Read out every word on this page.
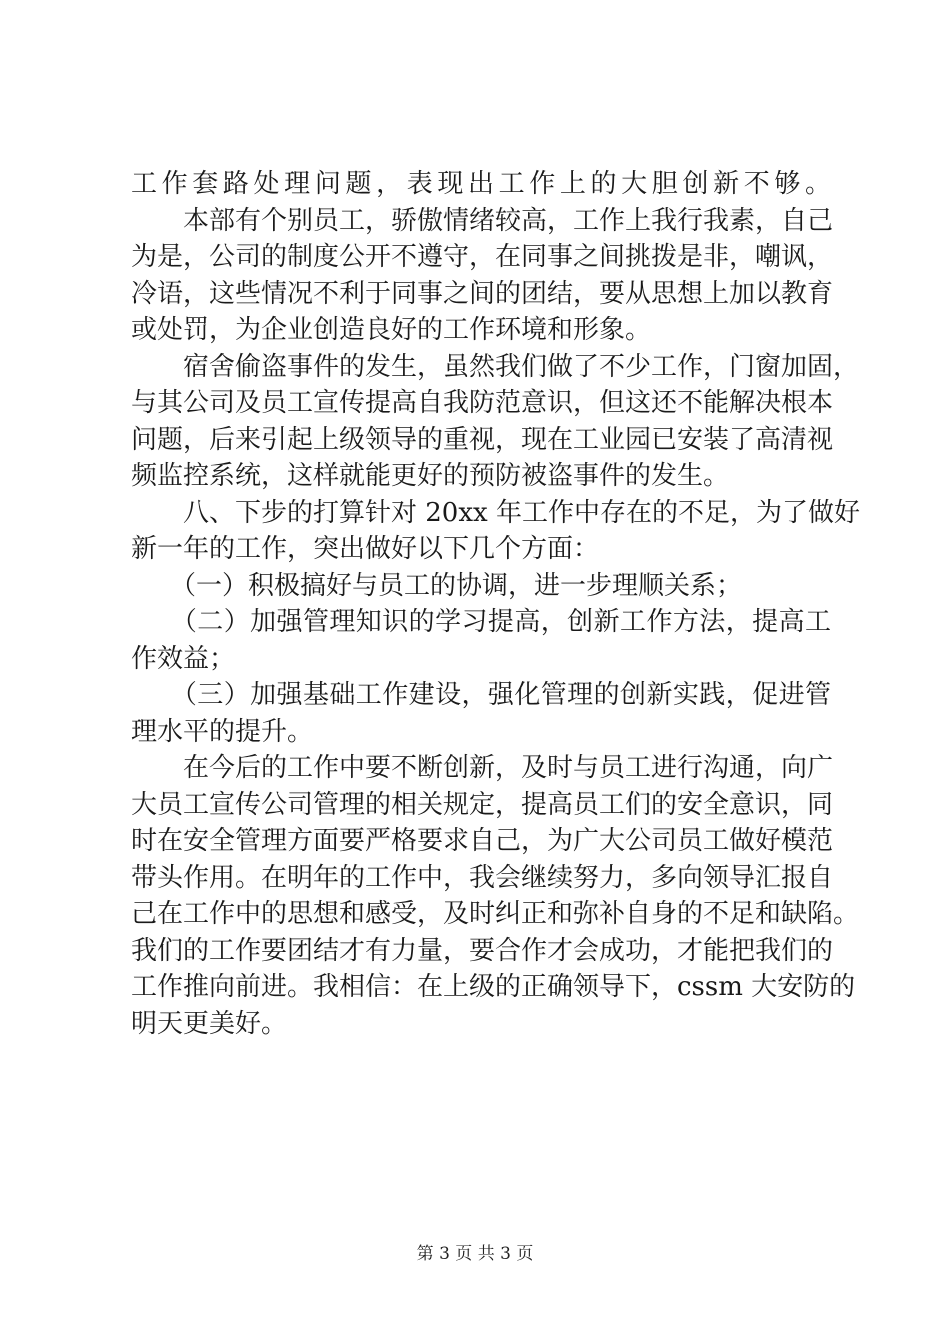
工作套路处理问题，表现出工作上的大胆创新不够。
　　本部有个别员工，骄傲情绪较高，工作上我行我素，自己
为是，公司的制度公开不遵守，在同事之间挑拨是非，嘲讽，
冷语，这些情况不利于同事之间的团结，要从思想上加以教育
或处罚，为企业创造良好的工作环境和形象。
　　宿舍偷盗事件的发生，虽然我们做了不少工作，门窗加固，
与其公司及员工宣传提高自我防范意识，但这还不能解决根本
问题，后来引起上级领导的重视，现在工业园已安装了高清视
频监控系统，这样就能更好的预防被盗事件的发生。
　　八、下步的打算针对 20xx 年工作中存在的不足，为了做好
新一年的工作，突出做好以下几个方面：
　　（一）积极搞好与员工的协调，进一步理顺关系；
　　（二）加强管理知识的学习提高，创新工作方法，提高工
作效益；
　　（三）加强基础工作建设，强化管理的创新实践，促进管
理水平的提升。
　　在今后的工作中要不断创新，及时与员工进行沟通，向广
大员工宣传公司管理的相关规定，提高员工们的安全意识，同
时在安全管理方面要严格要求自己，为广大公司员工做好模范
带头作用。在明年的工作中，我会继续努力，多向领导汇报自
己在工作中的思想和感受，及时纠正和弥补自身的不足和缺陷。
我们的工作要团结才有力量，要合作才会成功，才能把我们的
工作推向前进。我相信：在上级的正确领导下，cssm 大安防的
明天更美好。
第 3 页 共 3 页
